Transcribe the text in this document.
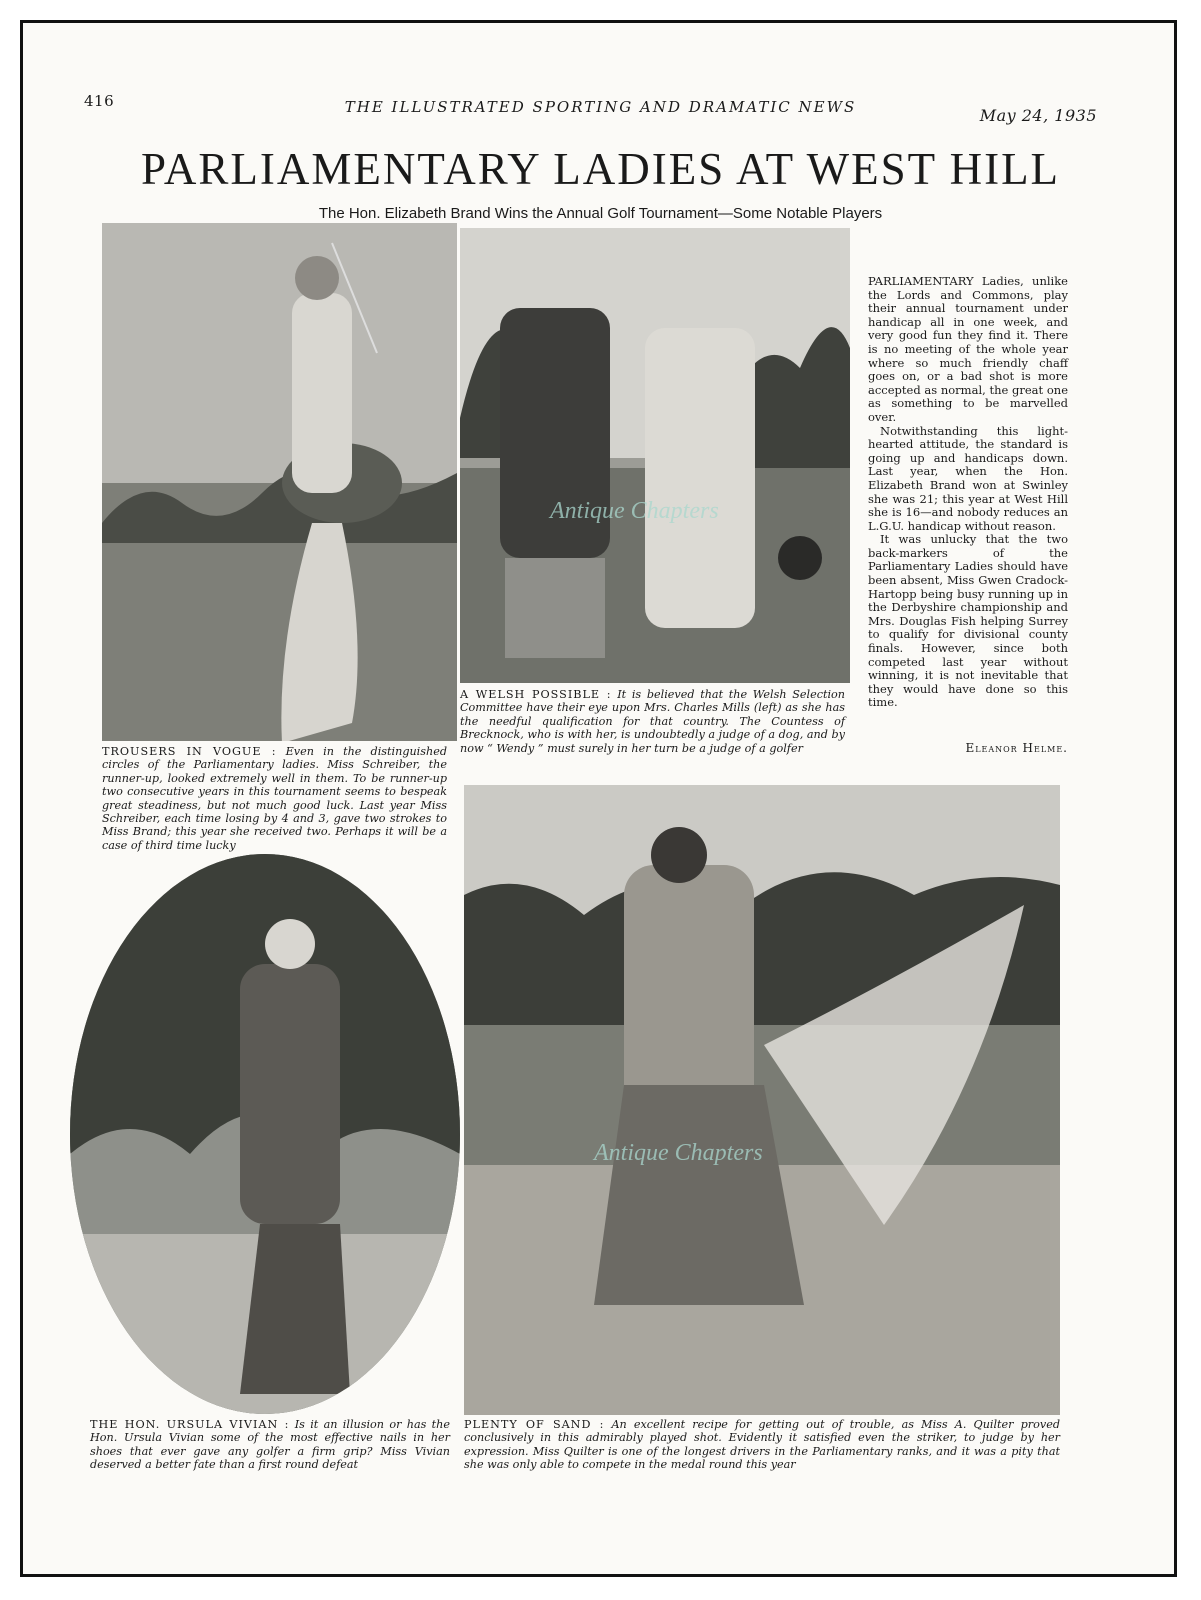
416	THE ILLUSTRATED SPORTING AND DRAMATIC NEWS	May 24, 1935
PARLIAMENTARY LADIES AT WEST HILL
The Hon. Elizabeth Brand Wins the Annual Golf Tournament—Some Notable Players
Antique Chapters
Antique Chapters
TROUSERS IN VOGUE : Even in the distinguished circles of the Parliamentary ladies. Miss Schreiber, the runner-up, looked extremely well in them. To be runner-up two consecutive years in this tournament seems to bespeak great steadiness, but not much good luck. Last year Miss Schreiber, each time losing by 4 and 3, gave two strokes to Miss Brand; this year she received two. Perhaps it will be a case of third time lucky
A WELSH POSSIBLE : It is believed that the Welsh Selection Committee have their eye upon Mrs. Charles Mills (left) as she has the needful qualification for that country. The Countess of Brecknock, who is with her, is undoubtedly a judge of a dog, and by now “ Wendy ” must surely in her turn be a judge of a golfer
THE HON. URSULA VIVIAN : Is it an illusion or has the Hon. Ursula Vivian some of the most effective nails in her shoes that ever gave any golfer a firm grip? Miss Vivian deserved a better fate than a first round defeat
PLENTY OF SAND : An excellent recipe for getting out of trouble, as Miss A. Quilter proved conclusively in this admirably played shot. Evidently it satisfied even the striker, to judge by her expression. Miss Quilter is one of the longest drivers in the Parliamentary ranks, and it was a pity that she was only able to compete in the medal round this year

PARLIAMENTARY Ladies, unlike the Lords and Commons, play their annual tournament under handicap all in one week, and very good fun they find it. There is no meeting of the whole year where so much friendly chaff goes on, or a bad shot is more accepted as normal, the great one as something to be marvelled over.

Notwithstanding this light-hearted attitude, the standard is going up and handicaps down. Last year, when the Hon. Elizabeth Brand won at Swinley she was 21; this year at West Hill she is 16—and nobody reduces an L.G.U. handicap without reason.

It was unlucky that the two back-markers of the Parliamentary Ladies should have been absent, Miss Gwen Cradock-Hartopp being busy running up in the Derbyshire championship and Mrs. Douglas Fish helping Surrey to qualify for divisional county finals. However, since both competed last year without winning, it is not inevitable that they would have done so this time.

Eleanor Helme.
